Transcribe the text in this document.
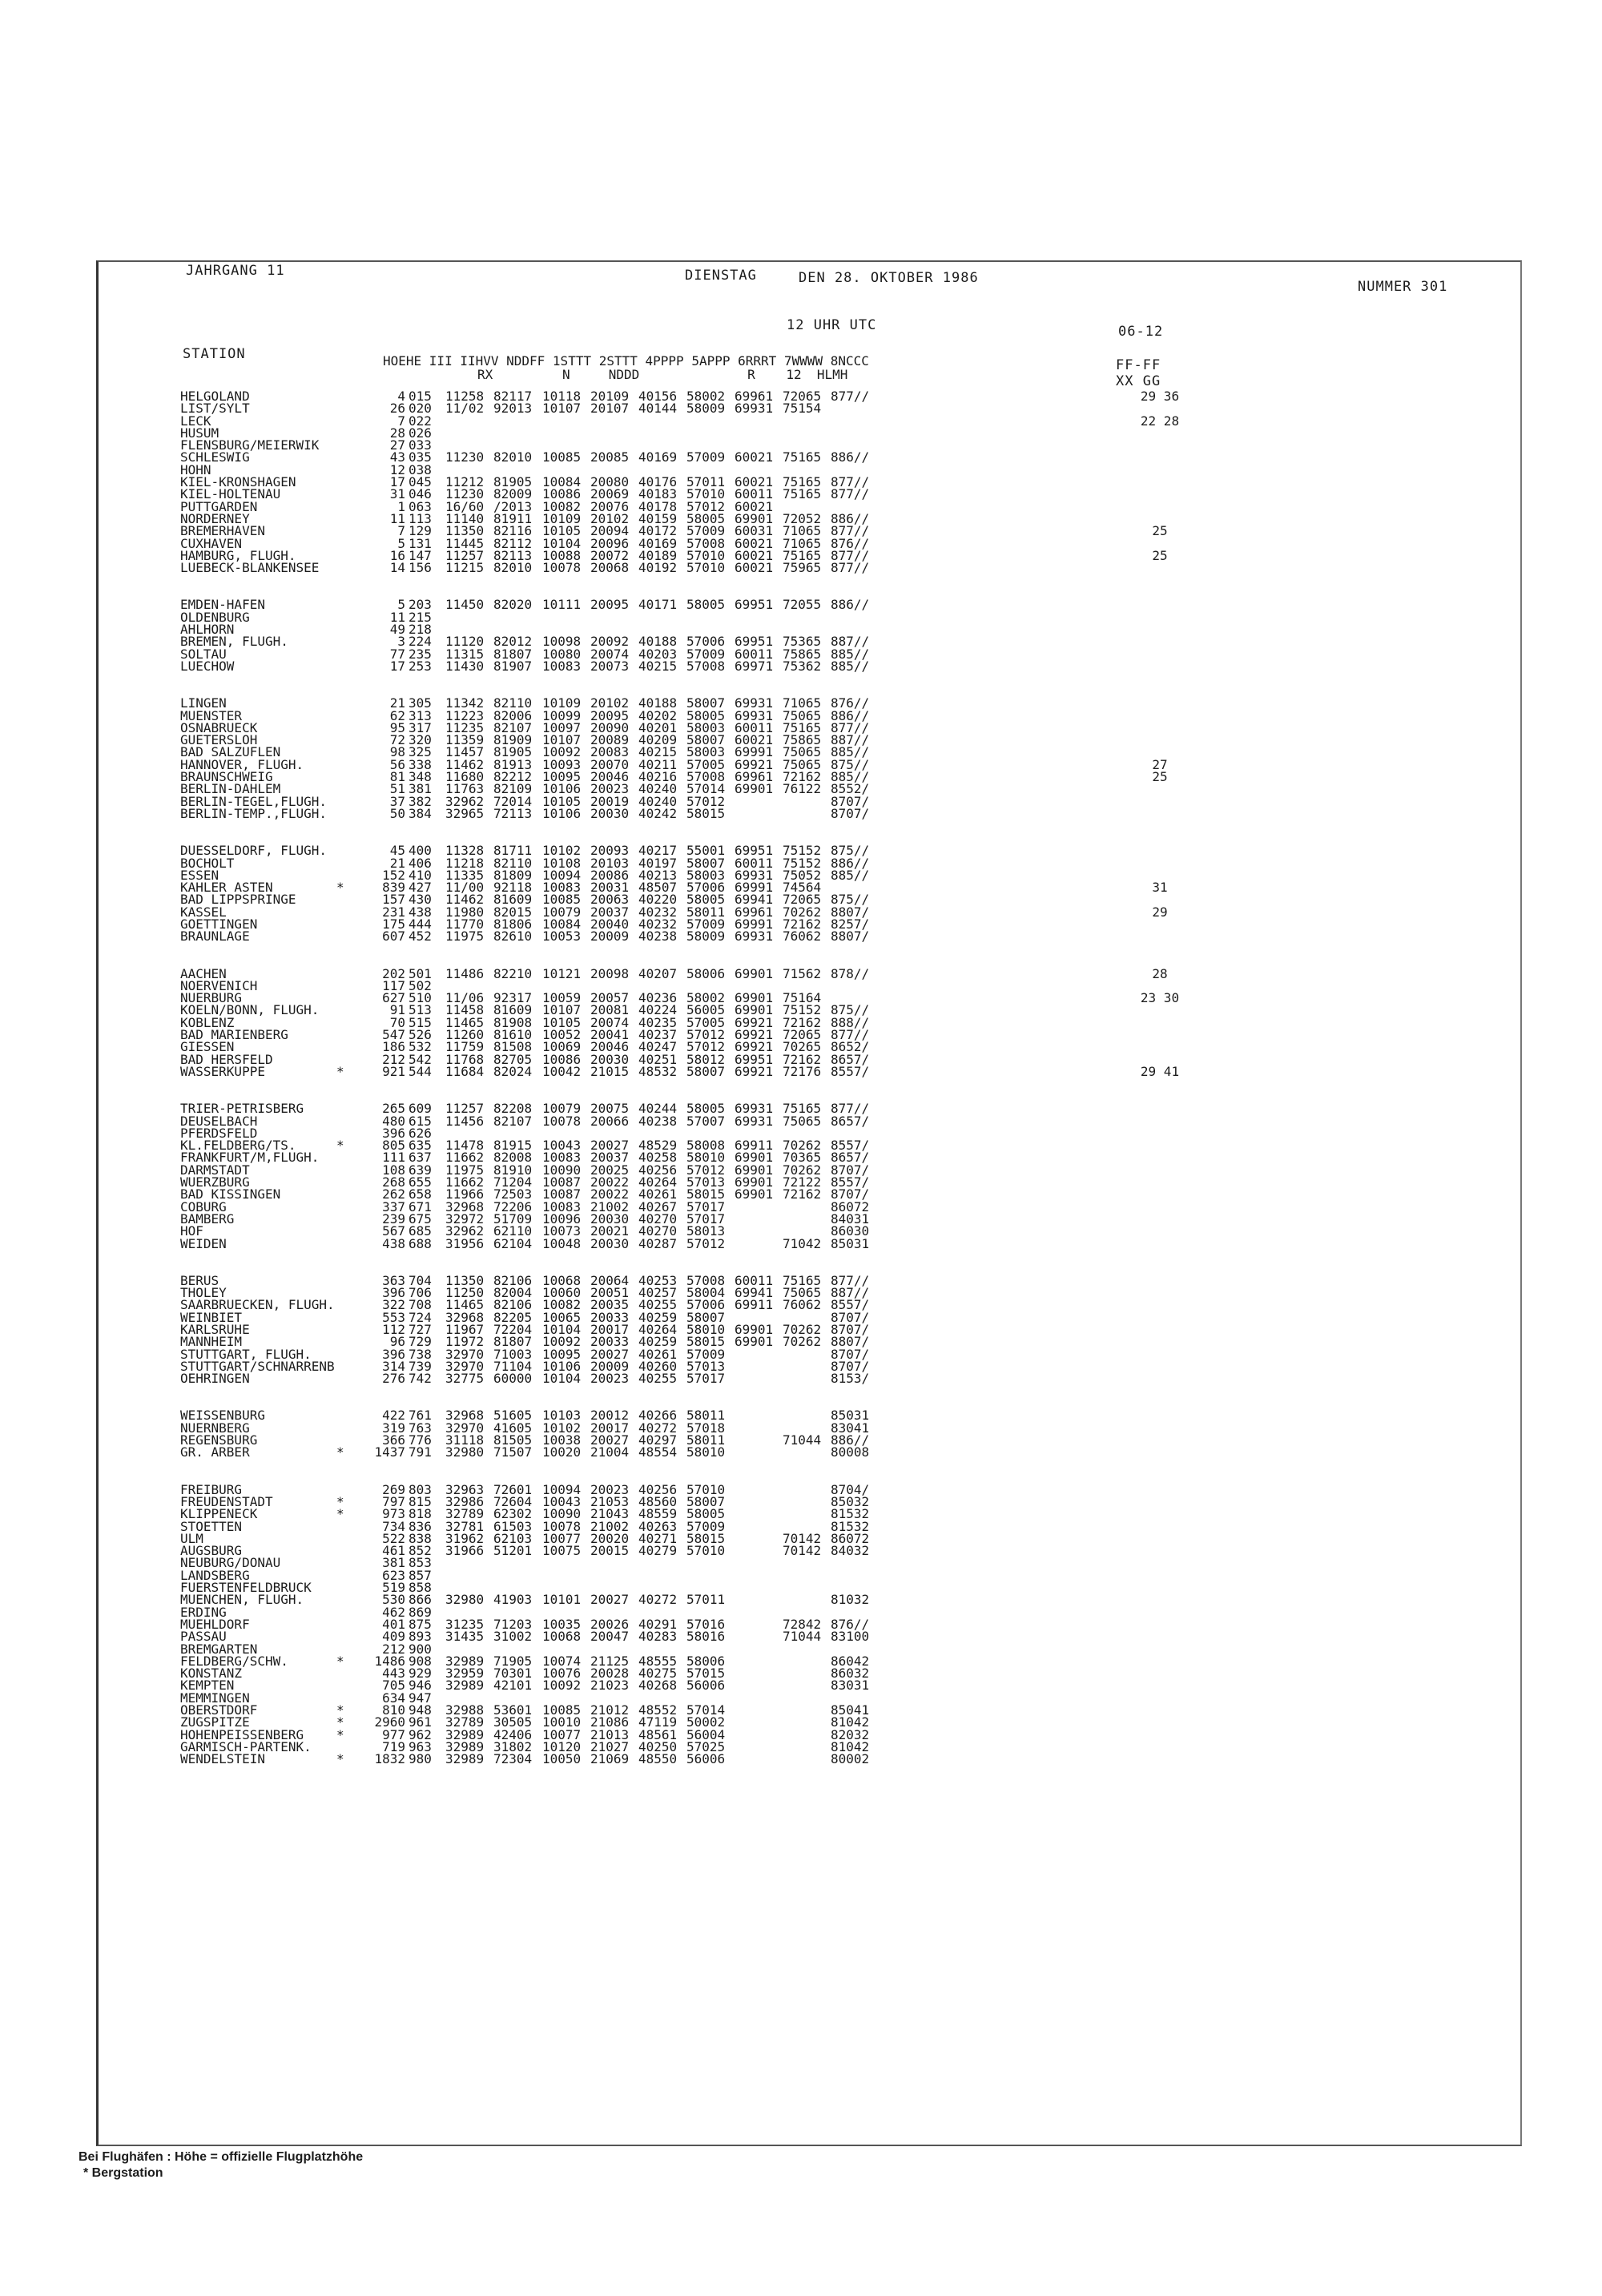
JAHRGANG 11	DIENSTAG	DEN 28. OKTOBER 1986
NUMMER 301
12 UHR UTC	06-12
STATION	HOEHE III IIHVV NDDFF 1STTT 2STTT 4PPPP 5APPP 6RRRT 7WWWW 8NCCC
RX         N     NDDD              R    12  HLMH
FF-FF
XX GG
HELGOLAND	4 015 11258 82117 10118 20109 40156 58002 69961 72065 877//	29 36
LIST/SYLT	26 020 11/02 92013 10107 20107 40144 58009 69931 75154
LECK	7 022	22 28
HUSUM	28 026
FLENSBURG/MEIERWIK	27 033
SCHLESWIG	43 035 11230 82010 10085 20085 40169 57009 60021 75165 886//
HOHN	12 038
KIEL-KRONSHAGEN	17 045 11212 81905 10084 20080 40176 57011 60021 75165 877//
KIEL-HOLTENAU	31 046 11230 82009 10086 20069 40183 57010 60011 75165 877//
PUTTGARDEN	1 063 16/60 /2013 10082 20076 40178 57012 60021
NORDERNEY	11 113 11140 81911 10109 20102 40159 58005 69901 72052 886//
BREMERHAVEN	7 129 11350 82116 10105 20094 40172 57009 60031 71065 877//	25
CUXHAVEN	5 131 11445 82112 10104 20096 40169 57008 60021 71065 876//
HAMBURG, FLUGH.	16 147 11257 82113 10088 20072 40189 57010 60021 75165 877//	25
LUEBECK-BLANKENSEE	14 156 11215 82010 10078 20068 40192 57010 60021 75965 877//
EMDEN-HAFEN	5 203 11450 82020 10111 20095 40171 58005 69951 72055 886//
OLDENBURG	11 215
AHLHORN	49 218
BREMEN, FLUGH.	3 224 11120 82012 10098 20092 40188 57006 69951 75365 887//
SOLTAU	77 235 11315 81807 10080 20074 40203 57009 60011 75865 885//
LUECHOW	17 253 11430 81907 10083 20073 40215 57008 69971 75362 885//
LINGEN	21 305 11342 82110 10109 20102 40188 58007 69931 71065 876//
MUENSTER	62 313 11223 82006 10099 20095 40202 58005 69931 75065 886//
OSNABRUECK	95 317 11235 82107 10097 20090 40201 58003 60011 75165 877//
GUETERSLOH	72 320 11359 81909 10107 20089 40209 58007 60021 75865 887//
BAD SALZUFLEN	98 325 11457 81905 10092 20083 40215 58003 69991 75065 885//
HANNOVER, FLUGH.	56 338 11462 81913 10093 20070 40211 57005 69921 75065 875//	27
BRAUNSCHWEIG	81 348 11680 82212 10095 20046 40216 57008 69961 72162 885//	25
BERLIN-DAHLEM	51 381 11763 82109 10106 20023 40240 57014 69901 76122 8552/
BERLIN-TEGEL,FLUGH.	37 382 32962 72014 10105 20019 40240 57012	8707/
BERLIN-TEMP.,FLUGH.	50 384 32965 72113 10106 20030 40242 58015	8707/
DUESSELDORF, FLUGH.	45 400 11328 81711 10102 20093 40217 55001 69951 75152 875//
BOCHOLT	21 406 11218 82110 10108 20103 40197 58007 60011 75152 886//
ESSEN	152 410 11335 81809 10094 20086 40213 58003 69931 75052 885//
KAHLER ASTEN	*	839 427 11/00 92118 10083 20031 48507 57006 69991 74564	31
BAD LIPPSPRINGE	157 430 11462 81609 10085 20063 40220 58005 69941 72065 875//
KASSEL	231 438 11980 82015 10079 20037 40232 58011 69961 70262 8807/	29
GOETTINGEN	175 444 11770 81806 10084 20040 40232 57009 69991 72162 8257/
BRAUNLAGE	607 452 11975 82610 10053 20009 40238 58009 69931 76062 8807/
AACHEN	202 501 11486 82210 10121 20098 40207 58006 69901 71562 878//	28
NOERVENICH	117 502
NUERBURG	627 510 11/06 92317 10059 20057 40236 58002 69901 75164	23 30
KOELN/BONN, FLUGH.	91 513 11458 81609 10107 20081 40224 56005 69901 75152 875//
KOBLENZ	70 515 11465 81908 10105 20074 40235 57005 69921 72162 888//
BAD MARIENBERG	547 526 11260 81610 10052 20041 40237 57012 69921 72065 877//
GIESSEN	186 532 11759 81508 10069 20046 40247 57012 69921 70265 8652/
BAD HERSFELD	212 542 11768 82705 10086 20030 40251 58012 69951 72162 8657/
WASSERKUPPE	*	921 544 11684 82024 10042 21015 48532 58007 69921 72176 8557/	29 41
TRIER-PETRISBERG	265 609 11257 82208 10079 20075 40244 58005 69931 75165 877//
DEUSELBACH	480 615 11456 82107 10078 20066 40238 57007 69931 75065 8657/
PFERDSFELD	396 626
KL.FELDBERG/TS.	*	805 635 11478 81915 10043 20027 48529 58008 69911 70262 8557/
FRANKFURT/M,FLUGH.	111 637 11662 82008 10083 20037 40258 58010 69901 70365 8657/
DARMSTADT	108 639 11975 81910 10090 20025 40256 57012 69901 70262 8707/
WUERZBURG	268 655 11662 71204 10087 20022 40264 57013 69901 72122 8557/
BAD KISSINGEN	262 658 11966 72503 10087 20022 40261 58015 69901 72162 8707/
COBURG	337 671 32968 72206 10083 21002 40267 57017	86072
BAMBERG	239 675 32972 51709 10096 20030 40270 57017	84031
HOF	567 685 32962 62110 10073 20021 40270 58013	86030
WEIDEN	438 688 31956 62104 10048 20030 40287 57012	71042 85031
BERUS	363 704 11350 82106 10068 20064 40253 57008 60011 75165 877//
THOLEY	396 706 11250 82004 10060 20051 40257 58004 69941 75065 887//
SAARBRUECKEN, FLUGH.	322 708 11465 82106 10082 20035 40255 57006 69911 76062 8557/
WEINBIET	553 724 32968 82205 10065 20033 40259 58007	8707/
KARLSRUHE	112 727 11967 72204 10104 20017 40264 58010 69901 70262 8707/
MANNHEIM	96 729 11972 81807 10092 20033 40259 58015 69901 70262 8807/
STUTTGART, FLUGH.	396 738 32970 71003 10095 20027 40261 57009	8707/
STUTTGART/SCHNARRENB	314 739 32970 71104 10106 20009 40260 57013	8707/
OEHRINGEN	276 742 32775 60000 10104 20023 40255 57017	8153/
WEISSENBURG	422 761 32968 51605 10103 20012 40266 58011	85031
NUERNBERG	319 763 32970 41605 10102 20017 40272 57018	83041
REGENSBURG	366 776 31118 81505 10038 20027 40297 58011	71044 886//
GR. ARBER	*	1437 791 32980 71507 10020 21004 48554 58010	80008
FREIBURG	269 803 32963 72601 10094 20023 40256 57010	8704/
FREUDENSTADT	*	797 815 32986 72604 10043 21053 48560 58007	85032
KLIPPENECK	*	973 818 32789 62302 10090 21043 48559 58005	81532
STOETTEN	734 836 32781 61503 10078 21002 40263 57009	81532
ULM	522 838 31962 62103 10077 20020 40271 58015	70142 86072
AUGSBURG	461 852 31966 51201 10075 20015 40279 57010	70142 84032
NEUBURG/DONAU	381 853
LANDSBERG	623 857
FUERSTENFELDBRUCK	519 858
MUENCHEN, FLUGH.	530 866 32980 41903 10101 20027 40272 57011	81032
ERDING	462 869
MUEHLDORF	401 875 31235 71203 10035 20026 40291 57016	72842 876//
PASSAU	409 893 31435 31002 10068 20047 40283 58016	71044 83100
BREMGARTEN	212 900
FELDBERG/SCHW.	*	1486 908 32989 71905 10074 21125 48555 58006	86042
KONSTANZ	443 929 32959 70301 10076 20028 40275 57015	86032
KEMPTEN	705 946 32989 42101 10092 21023 40268 56006	83031
MEMMINGEN	634 947
OBERSTDORF	*	810 948 32988 53601 10085 21012 48552 57014	85041
ZUGSPITZE	*	2960 961 32789 30505 10010 21086 47119 50002	81042
HOHENPEISSENBERG	*	977 962 32989 42406 10077 21013 48561 56004	82032
GARMISCH-PARTENK.	719 963 32989 31802 10120 21027 40250 57025	81042
WENDELSTEIN	*	1832 980 32989 72304 10050 21069 48550 56006	80002
Bei Flughäfen : Höhe = offizielle Flugplatzhöhe
* Bergstation
